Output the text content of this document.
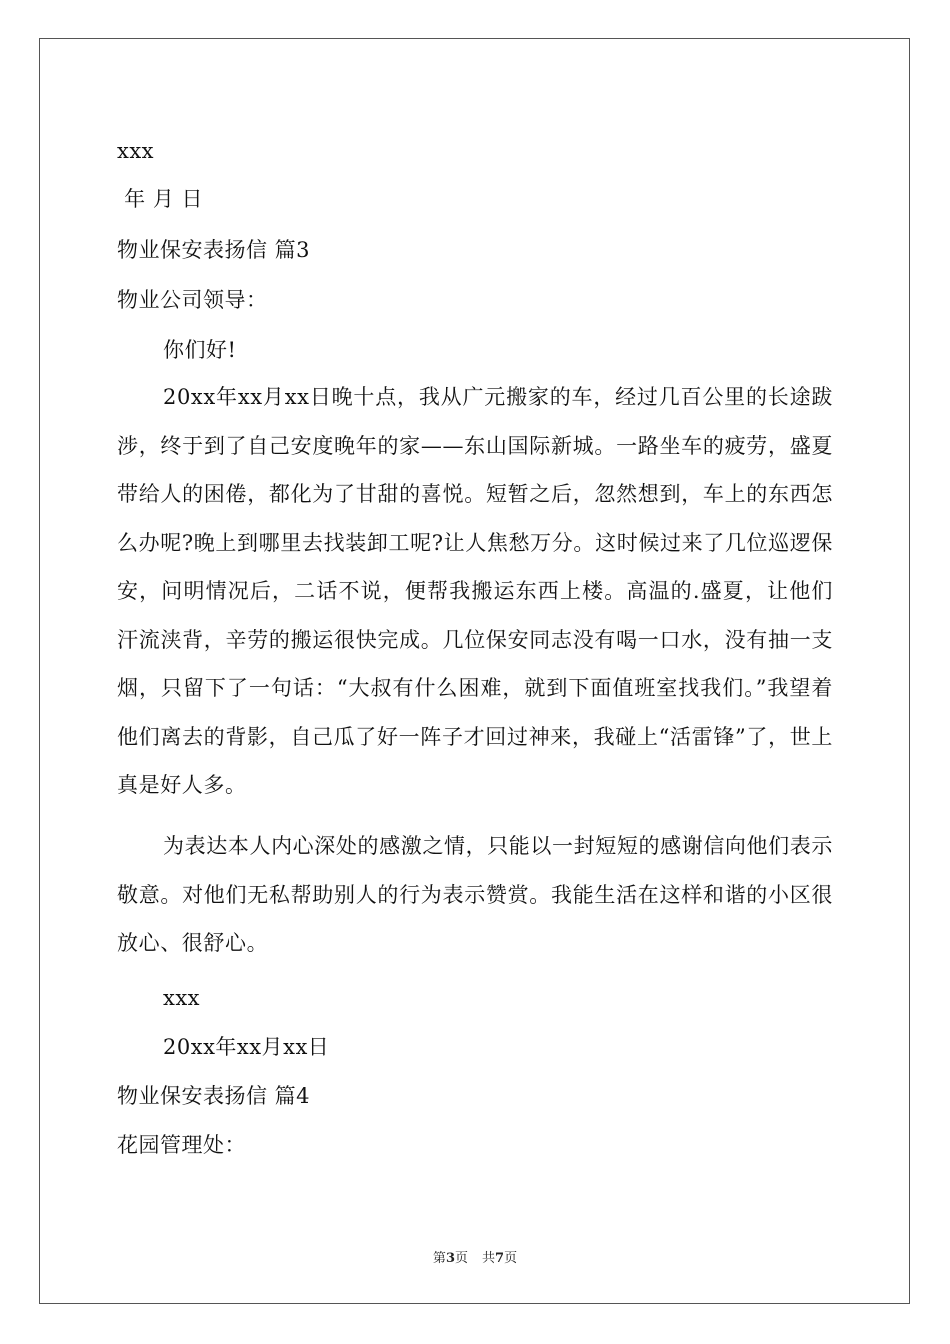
xxx
年 月 日
物业保安表扬信 篇3
物业公司领导：
你们好!
20xx年xx月xx日晚十点，我从广元搬家的车，经过几百公里的长途跋涉，终于到了自己安度晚年的家——东山国际新城。一路坐车的疲劳，盛夏带给人的困倦，都化为了甘甜的喜悦。短暂之后，忽然想到，车上的东西怎么办呢?晚上到哪里去找装卸工呢?让人焦愁万分。这时候过来了几位巡逻保安，问明情况后，二话不说，便帮我搬运东西上楼。高温的.盛夏，让他们汗流浃背，辛劳的搬运很快完成。几位保安同志没有喝一口水，没有抽一支烟，只留下了一句话：“大叔有什么困难，就到下面值班室找我们。”我望着他们离去的背影，自己瓜了好一阵子才回过神来，我碰上“活雷锋”了，世上真是好人多。
为表达本人内心深处的感激之情，只能以一封短短的感谢信向他们表示敬意。对他们无私帮助别人的行为表示赞赏。我能生活在这样和谐的小区很放心、很舒心。
xxx
20xx年xx月xx日
物业保安表扬信 篇4
花园管理处：
第3页 共7页
